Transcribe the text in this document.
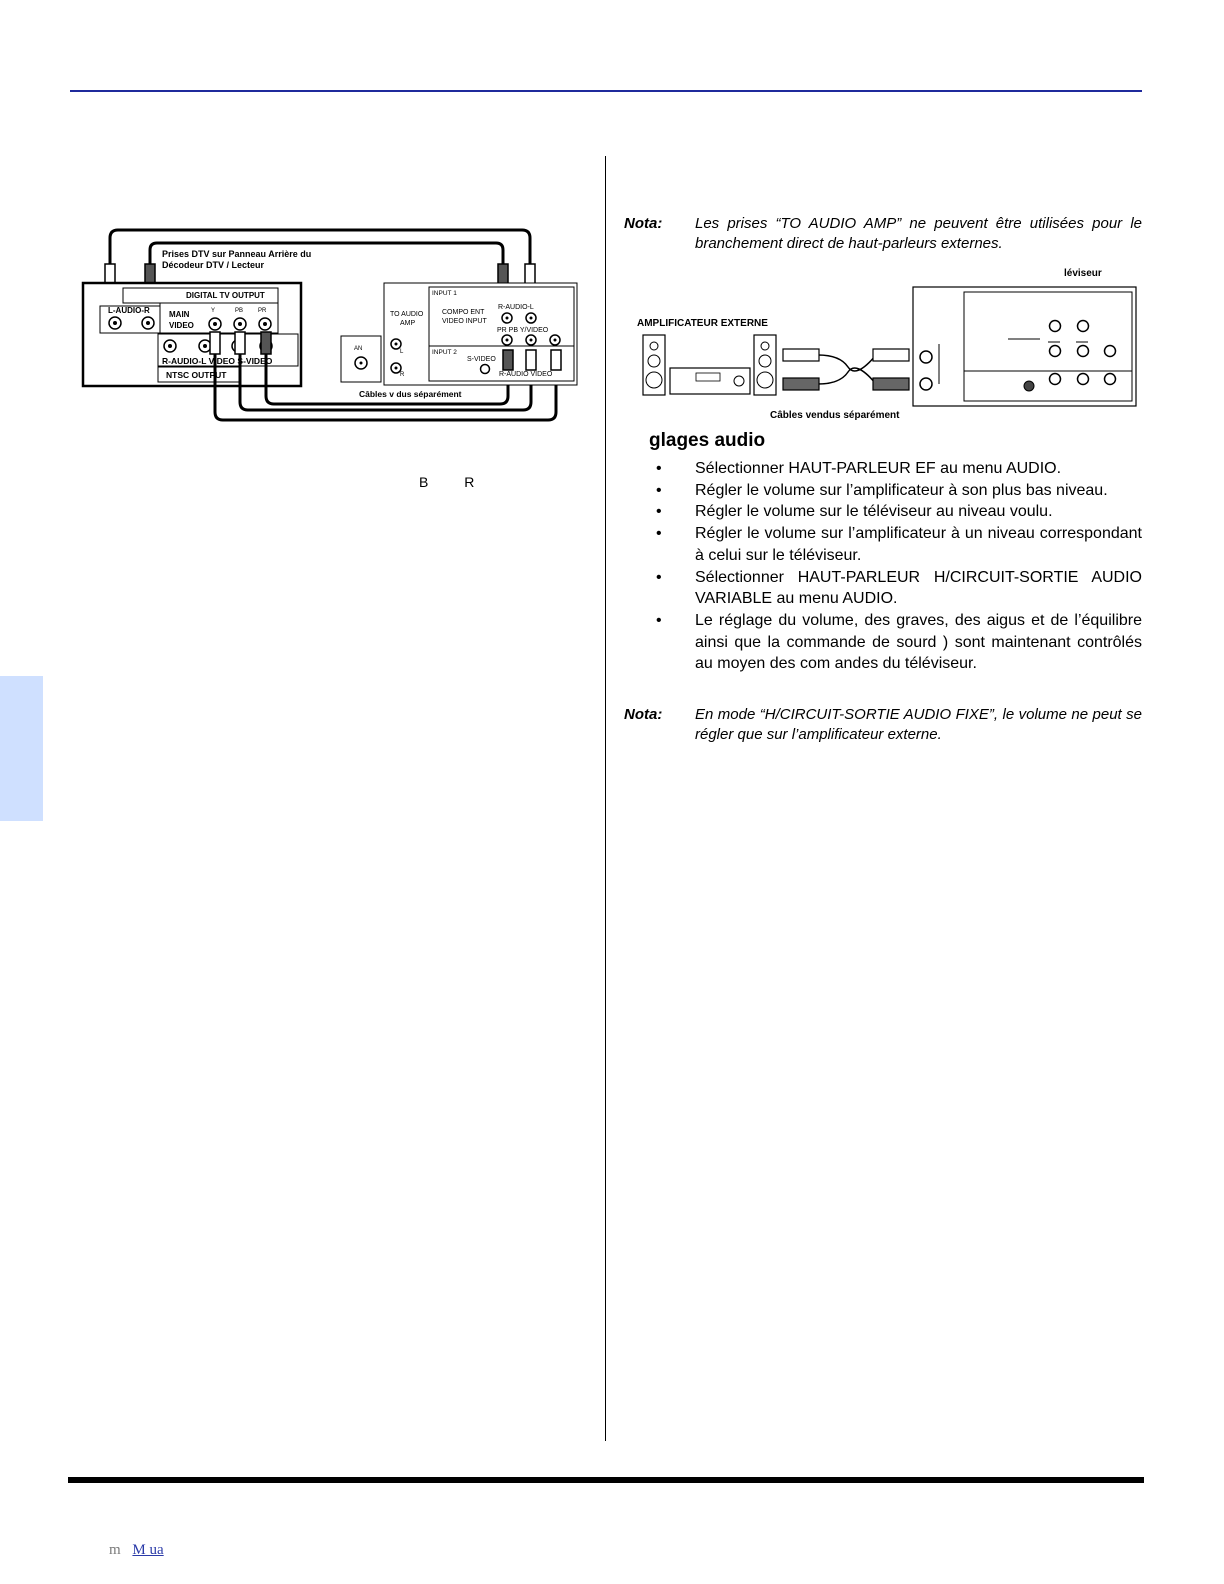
Prises DTV sur Panneau Arrière du
Décodeur DTV / Lecteur
DIGITAL TV OUTPUT
L-AUDIO-R MAIN
VIDEO
Y	PB PR
R-AUDIO-L VIDEO S-VIDEO
NTSC OUTPUT
AN
TO AUDIO
AMP
L
R
INPUT 1
COMPO ENT
VIDEO INPUT
R-AUDIO-L
PR PB Y/VIDEO
INPUT 2
S-VIDEO
R-AUDIO VIDEO
Câbles v dus séparément
B	R
Nota: Les prises “TO AUDIO AMP” ne peuvent être utilisées pour le branchement direct de haut-parleurs externes.
léviseur
AMPLIFICATEUR EXTERNE
Câbles vendus séparément
glages audio
• Sélectionner HAUT-PARLEUR EF au menu AUDIO.
• Régler le volume sur l’amplificateur à son plus bas niveau.
• Régler le volume sur le téléviseur au niveau voulu.
• Régler le volume sur l’amplificateur à un niveau correspondant à celui sur le téléviseur.
• Sélectionner HAUT-PARLEUR H/CIRCUIT-SORTIE AUDIO VARIABLE au menu AUDIO.
• Le réglage du volume, des graves, des aigus et de l’équilibre ainsi que la commande de sourd ) sont maintenant contrôlés au moyen des com andes du téléviseur.
Nota: En mode “H/CIRCUIT-SORTIE AUDIO FIXE”, le volume ne peut se régler que sur l’amplificateur externe.
m M ua
